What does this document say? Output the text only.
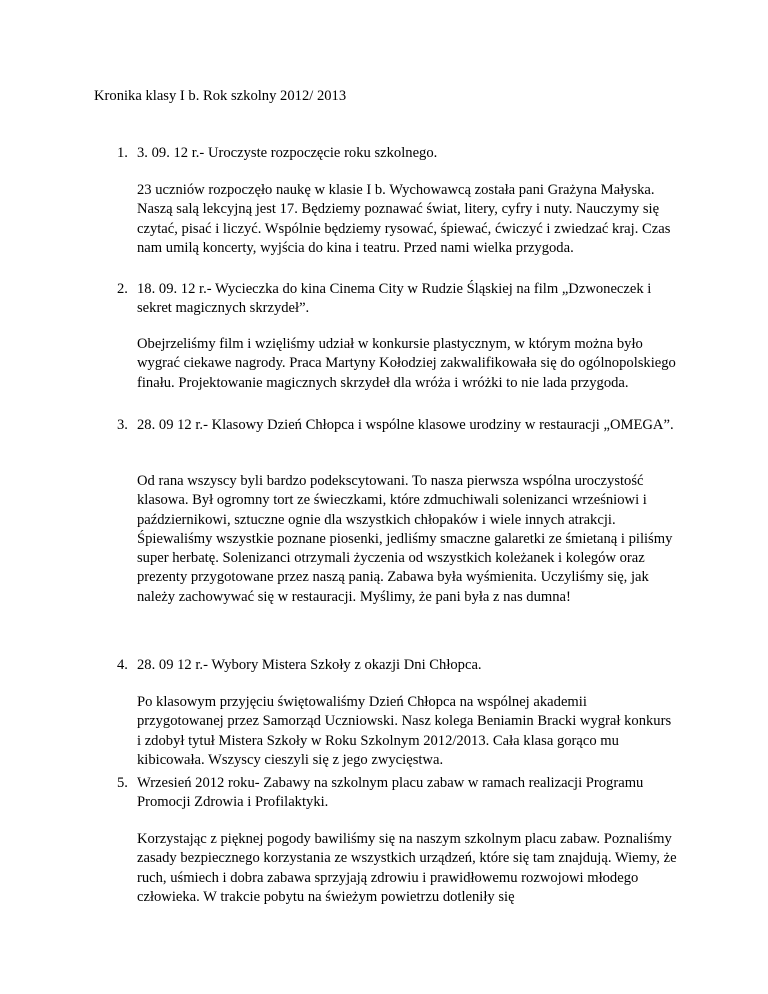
Kronika klasy I b. Rok szkolny 2012/ 2013
1. 3. 09. 12 r.- Uroczyste rozpoczęcie roku szkolnego.

23 uczniów rozpoczęło naukę w klasie I b. Wychowawcą została pani Grażyna Małyska. Naszą salą lekcyjną jest 17. Będziemy poznawać świat, litery, cyfry i nuty. Nauczymy się czytać, pisać i liczyć. Wspólnie będziemy rysować, śpiewać, ćwiczyć i zwiedzać kraj. Czas nam umilą koncerty, wyjścia do kina i teatru. Przed nami wielka przygoda.

2. 18. 09. 12 r.- Wycieczka do kina Cinema City w Rudzie Śląskiej na film „Dzwoneczek i sekret magicznych skrzydeł”.

Obejrzeliśmy film i wzięliśmy udział w konkursie plastycznym, w którym można było wygrać ciekawe nagrody. Praca Martyny Kołodziej zakwalifikowała się do ogólnopolskiego finału. Projektowanie magicznych skrzydeł dla wróża i wróżki to nie lada przygoda.

3. 28. 09 12 r.- Klasowy Dzień Chłopca i wspólne klasowe urodziny w restauracji „OMEGA”.

Od rana wszyscy byli bardzo podekscytowani. To nasza pierwsza wspólna uroczystość klasowa. Był ogromny tort ze świeczkami, które zdmuchiwali solenizanci wrześniowi i październikowi, sztuczne ognie dla wszystkich chłopaków i wiele innych atrakcji. Śpiewaliśmy wszystkie poznane piosenki, jedliśmy smaczne galaretki ze śmietaną i piliśmy super herbatę. Solenizanci otrzymali życzenia od wszystkich koleżanek i kolegów oraz prezenty przygotowane przez naszą panią. Zabawa była wyśmienita. Uczyliśmy się, jak należy zachowywać się w restauracji. Myślimy, że pani była z nas dumna!

4. 28. 09 12 r.- Wybory Mistera Szkoły z okazji Dni Chłopca.

Po klasowym przyjęciu świętowaliśmy Dzień Chłopca na wspólnej akademii przygotowanej przez Samorząd Uczniowski. Nasz kolega Beniamin Bracki wygrał konkurs i zdobył tytuł Mistera Szkoły w Roku Szkolnym 2012/2013. Cała klasa gorąco mu kibicowała. Wszyscy cieszyli się z jego zwycięstwa.

5. Wrzesień 2012 roku- Zabawy na szkolnym placu zabaw w ramach realizacji Programu Promocji Zdrowia i Profilaktyki.

Korzystając z pięknej pogody bawiliśmy się na naszym szkolnym placu zabaw. Poznaliśmy zasady bezpiecznego korzystania ze wszystkich urządzeń, które się tam znajdują. Wiemy, że ruch, uśmiech i dobra zabawa sprzyjają zdrowiu i prawidłowemu rozwojowi młodego człowieka. W trakcie pobytu na świeżym powietrzu dotleniły się
